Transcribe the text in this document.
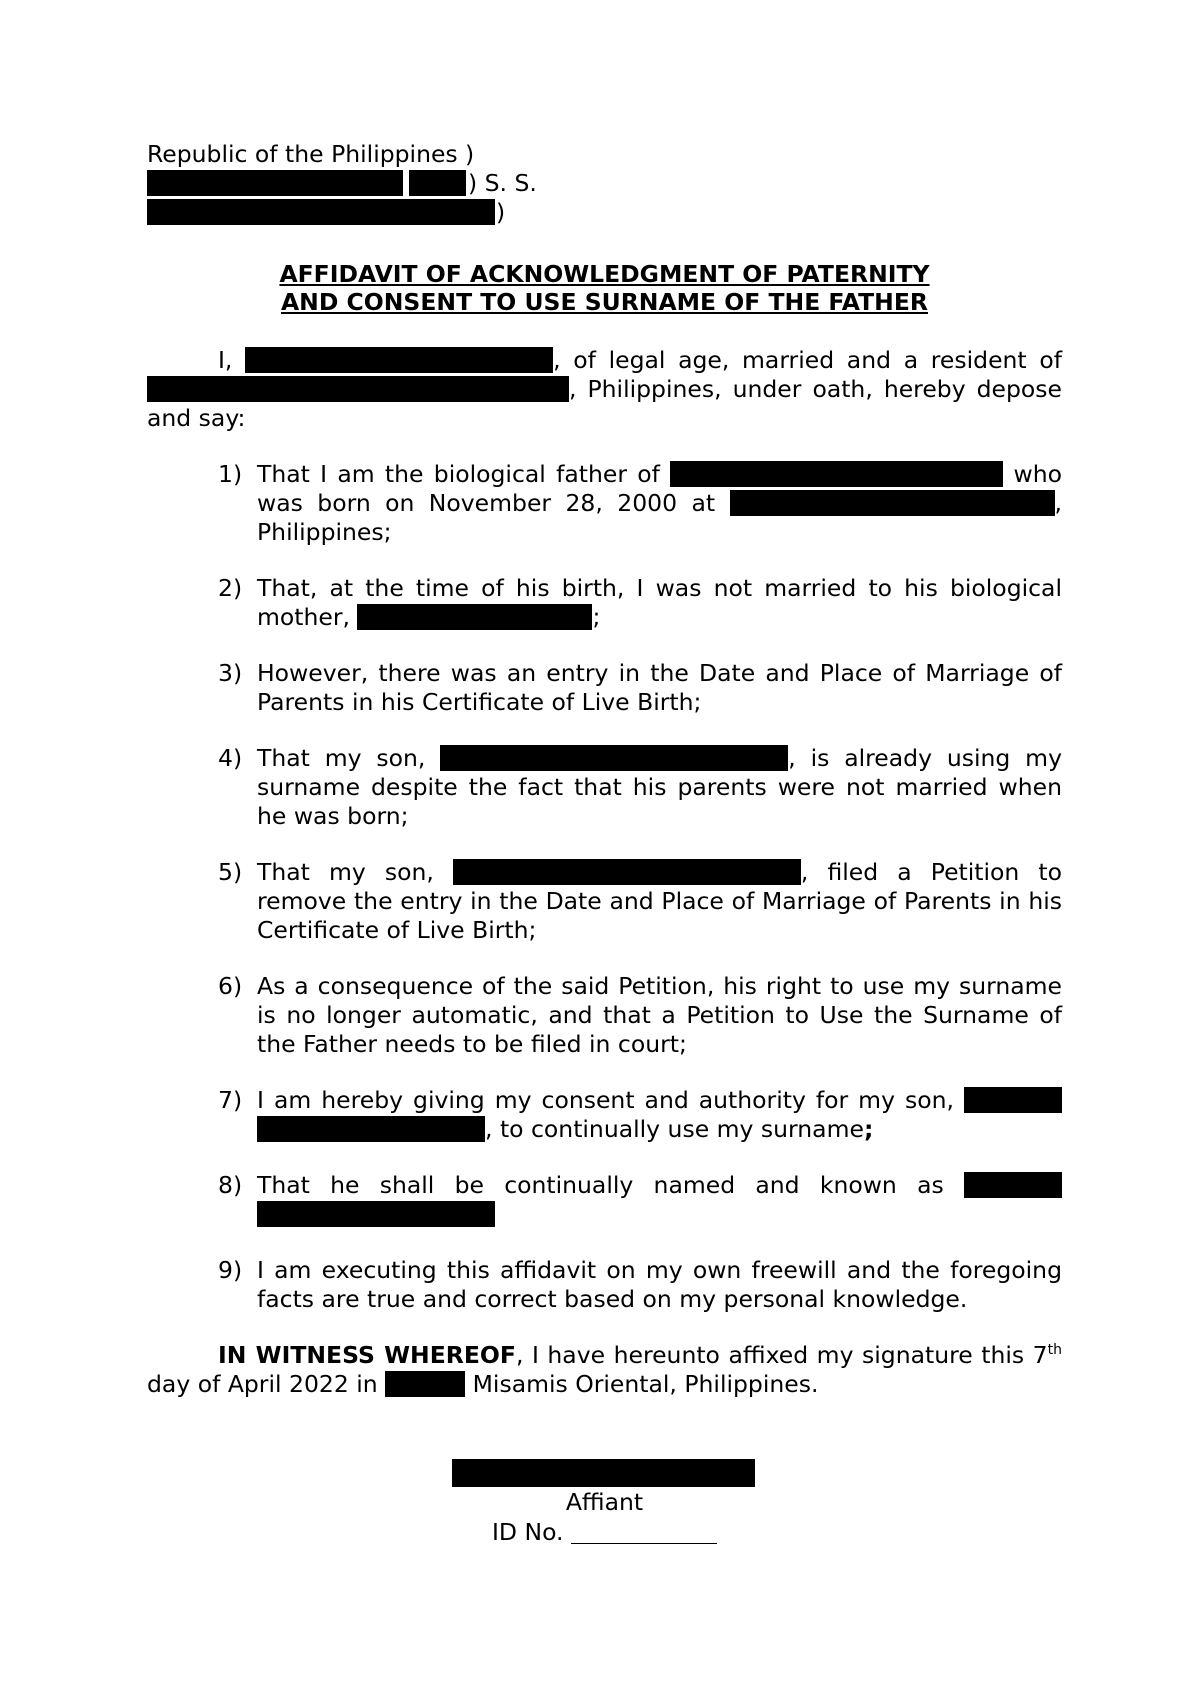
Republic of the Philippines )
) S. S.
)
AFFIDAVIT OF ACKNOWLEDGMENT OF PATERNITY
AND CONSENT TO USE SURNAME OF THE FATHER

I,	, of legal age, married and a resident of , Philippines, under oath, hereby depose and say:

1) That I am the biological father of	who was born on November 28, 2000 at	, Philippines;
2) That, at the time of his birth, I was not married to his biological mother,	;
3) However, there was an entry in the Date and Place of Marriage of Parents in his Certificate of Live Birth;
4) That my son,	, is already using my surname despite the fact that his parents were not married when he was born;
5) That my son,	, filed a Petition to remove the entry in the Date and Place of Marriage of Parents in his Certificate of Live Birth;
6) As a consequence of the said Petition, his right to use my surname is no longer automatic, and that a Petition to Use the Surname of the Father needs to be filed in court;
7) I am hereby giving my consent and authority for my son,  , to continually use my surname;
8) That he shall be continually named and known as
9) I am executing this affidavit on my own freewill and the foregoing facts are true and correct based on my personal knowledge.

IN WITNESS WHEREOF, I have hereunto affixed my signature this 7th day of April 2022 in	Misamis Oriental, Philippines.

Affiant
ID No.
